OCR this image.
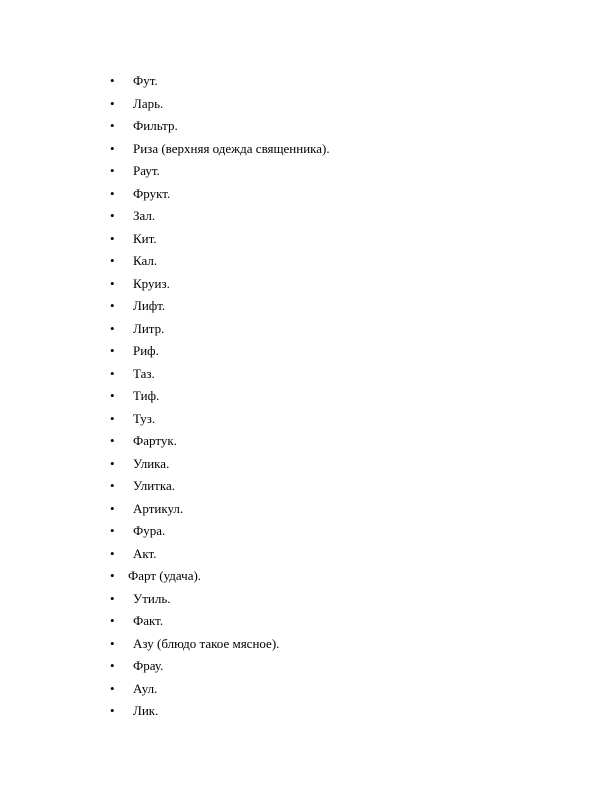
•	Фут.
•	Ларь.
•	Фильтр.
•	Риза (верхняя одежда священника).
•	Раут.
•	Фрукт.
•	Зал.
•	Кит.
•	Кал.
•	Круиз.
•	Лифт.
•	Литр.
•	Риф.
•	Таз.
•	Тиф.
•	Туз.
•	Фартук.
•	Улика.
•	Улитка.
•	Артикул.
•	Фура.
•	Акт.
•	Фарт (удача).
•	Утиль.
•	Факт.
•	Азу (блюдо такое мясное).
•	Фрау.
•	Аул.
•	Лик.
